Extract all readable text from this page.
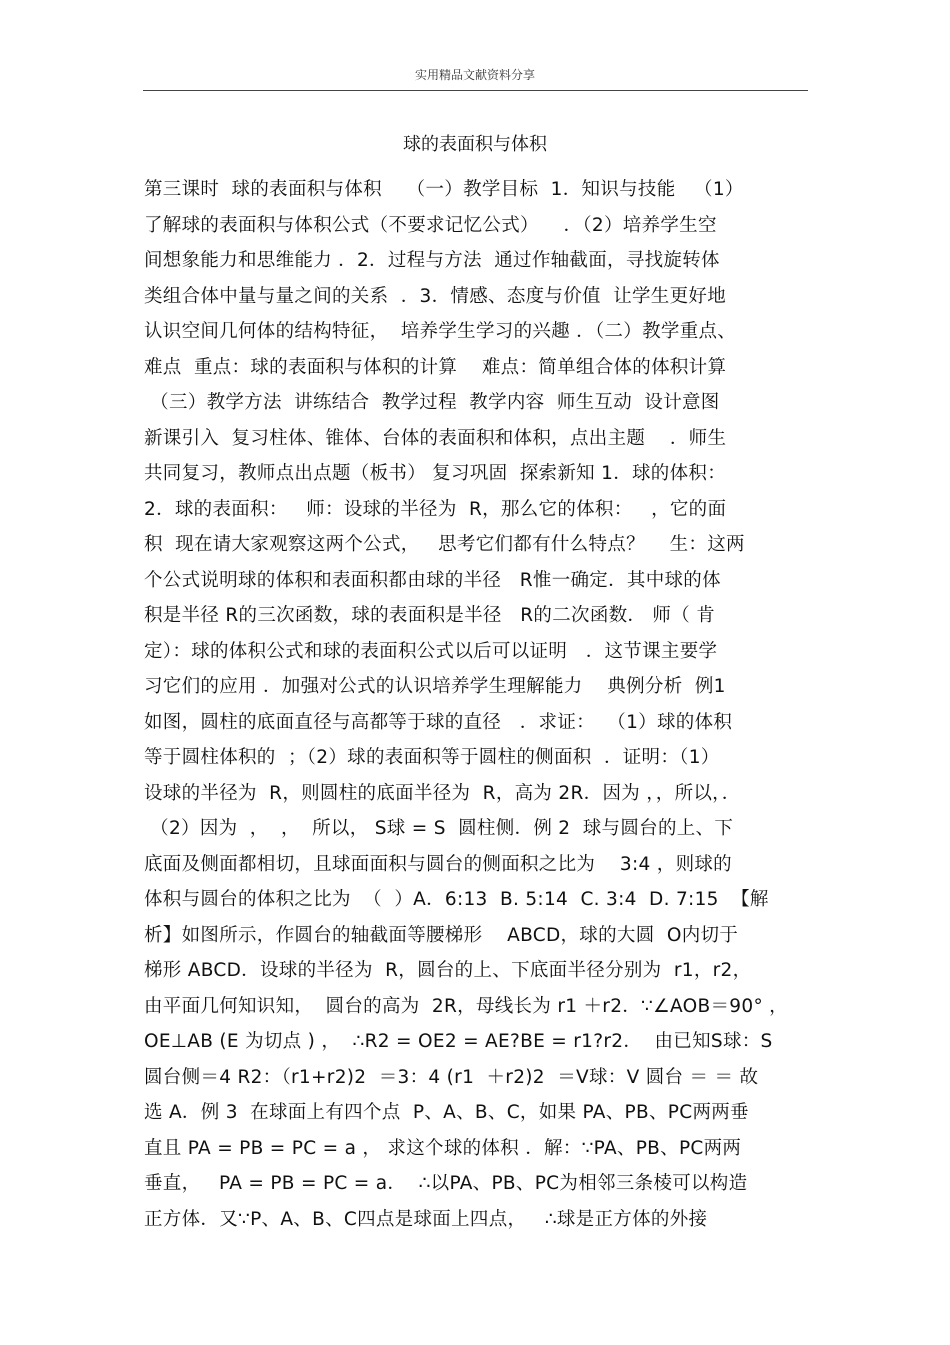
实用精品文献资料分享
球的表面积与体积
第三课时  球的表面积与体积    （一）教学目标  1．知识与技能   （1）
了解球的表面积与体积公式（不要求记忆公式）    ．（2）培养学生空
间想象能力和思维能力 ．2．过程与方法  通过作轴截面，寻找旋转体
类组合体中量与量之间的关系  ．3．情感、态度与价值  让学生更好地
认识空间几何体的结构特征，  培养学生学习的兴趣 ．（二）教学重点、
难点  重点：球的表面积与体积的计算    难点：简单组合体的体积计算
（三）教学方法  讲练结合  教学过程  教学内容  师生互动  设计意图
新课引入  复习柱体、锥体、台体的表面积和体积，点出主题    ．师生
共同复习，教师点出点题（板书） 复习巩固  探索新知 1．球的体积：
2．球的表面积：   师：设球的半径为  R，那么它的体积：   ，它的面
积  现在请大家观察这两个公式，   思考它们都有什么特点？    生：这两
个公式说明球的体积和表面积都由球的半径   R惟一确定．其中球的体
积是半径 R的三次函数，球的表面积是半径   R的二次函数． 师（ 肯
定）：球的体积公式和球的表面积公式以后可以证明   ．这节课主要学
习它们的应用 ．加强对公式的认识培养学生理解能力    典例分析  例1
如图，圆柱的底面直径与高都等于球的直径   ．求证：  （1）球的体积
等于圆柱体积的  ；（2）球的表面积等于圆柱的侧面积  ．证明：（1）
设球的半径为  R，则圆柱的底面半径为  R，高为 2R．因为 ，，所以，．
（2）因为  ，  ，  所以， S球 = S  圆柱侧．例 2  球与圆台的上、下
底面及侧面都相切，且球面面积与圆台的侧面积之比为    3:4 ，则球的
体积与圆台的体积之比为  （  ）A．6:13  B. 5:14  C. 3:4  D. 7:15  【解
析】如图所示，作圆台的轴截面等腰梯形    ABCD，球的大圆  O内切于
梯形 ABCD．设球的半径为  R，圆台的上、下底面半径分别为  r1，r2，
由平面几何知识知，  圆台的高为  2R，母线长为 r1 ＋r2．∵∠AOB＝90° ，
OE⊥AB (E 为切点 ) ，  ∴R2 = OE2 = AE?BE = r1?r2．  由已知S球：S
圆台侧＝4 R2：（r1+r2)2  ＝3：4 (r1  ＋r2)2  ＝V球：V 圆台 ＝ ＝ 故
选 A．例 3  在球面上有四个点  P、A、B、C，如果 PA、PB、PC两两垂
直且 PA = PB = PC = a ， 求这个球的体积 ．解：∵PA、PB、PC两两
垂直，   PA = PB = PC = a．  ∴以PA、PB、PC为相邻三条棱可以构造
正方体．又∵P、A、B、C四点是球面上四点，   ∴球是正方体的外接
